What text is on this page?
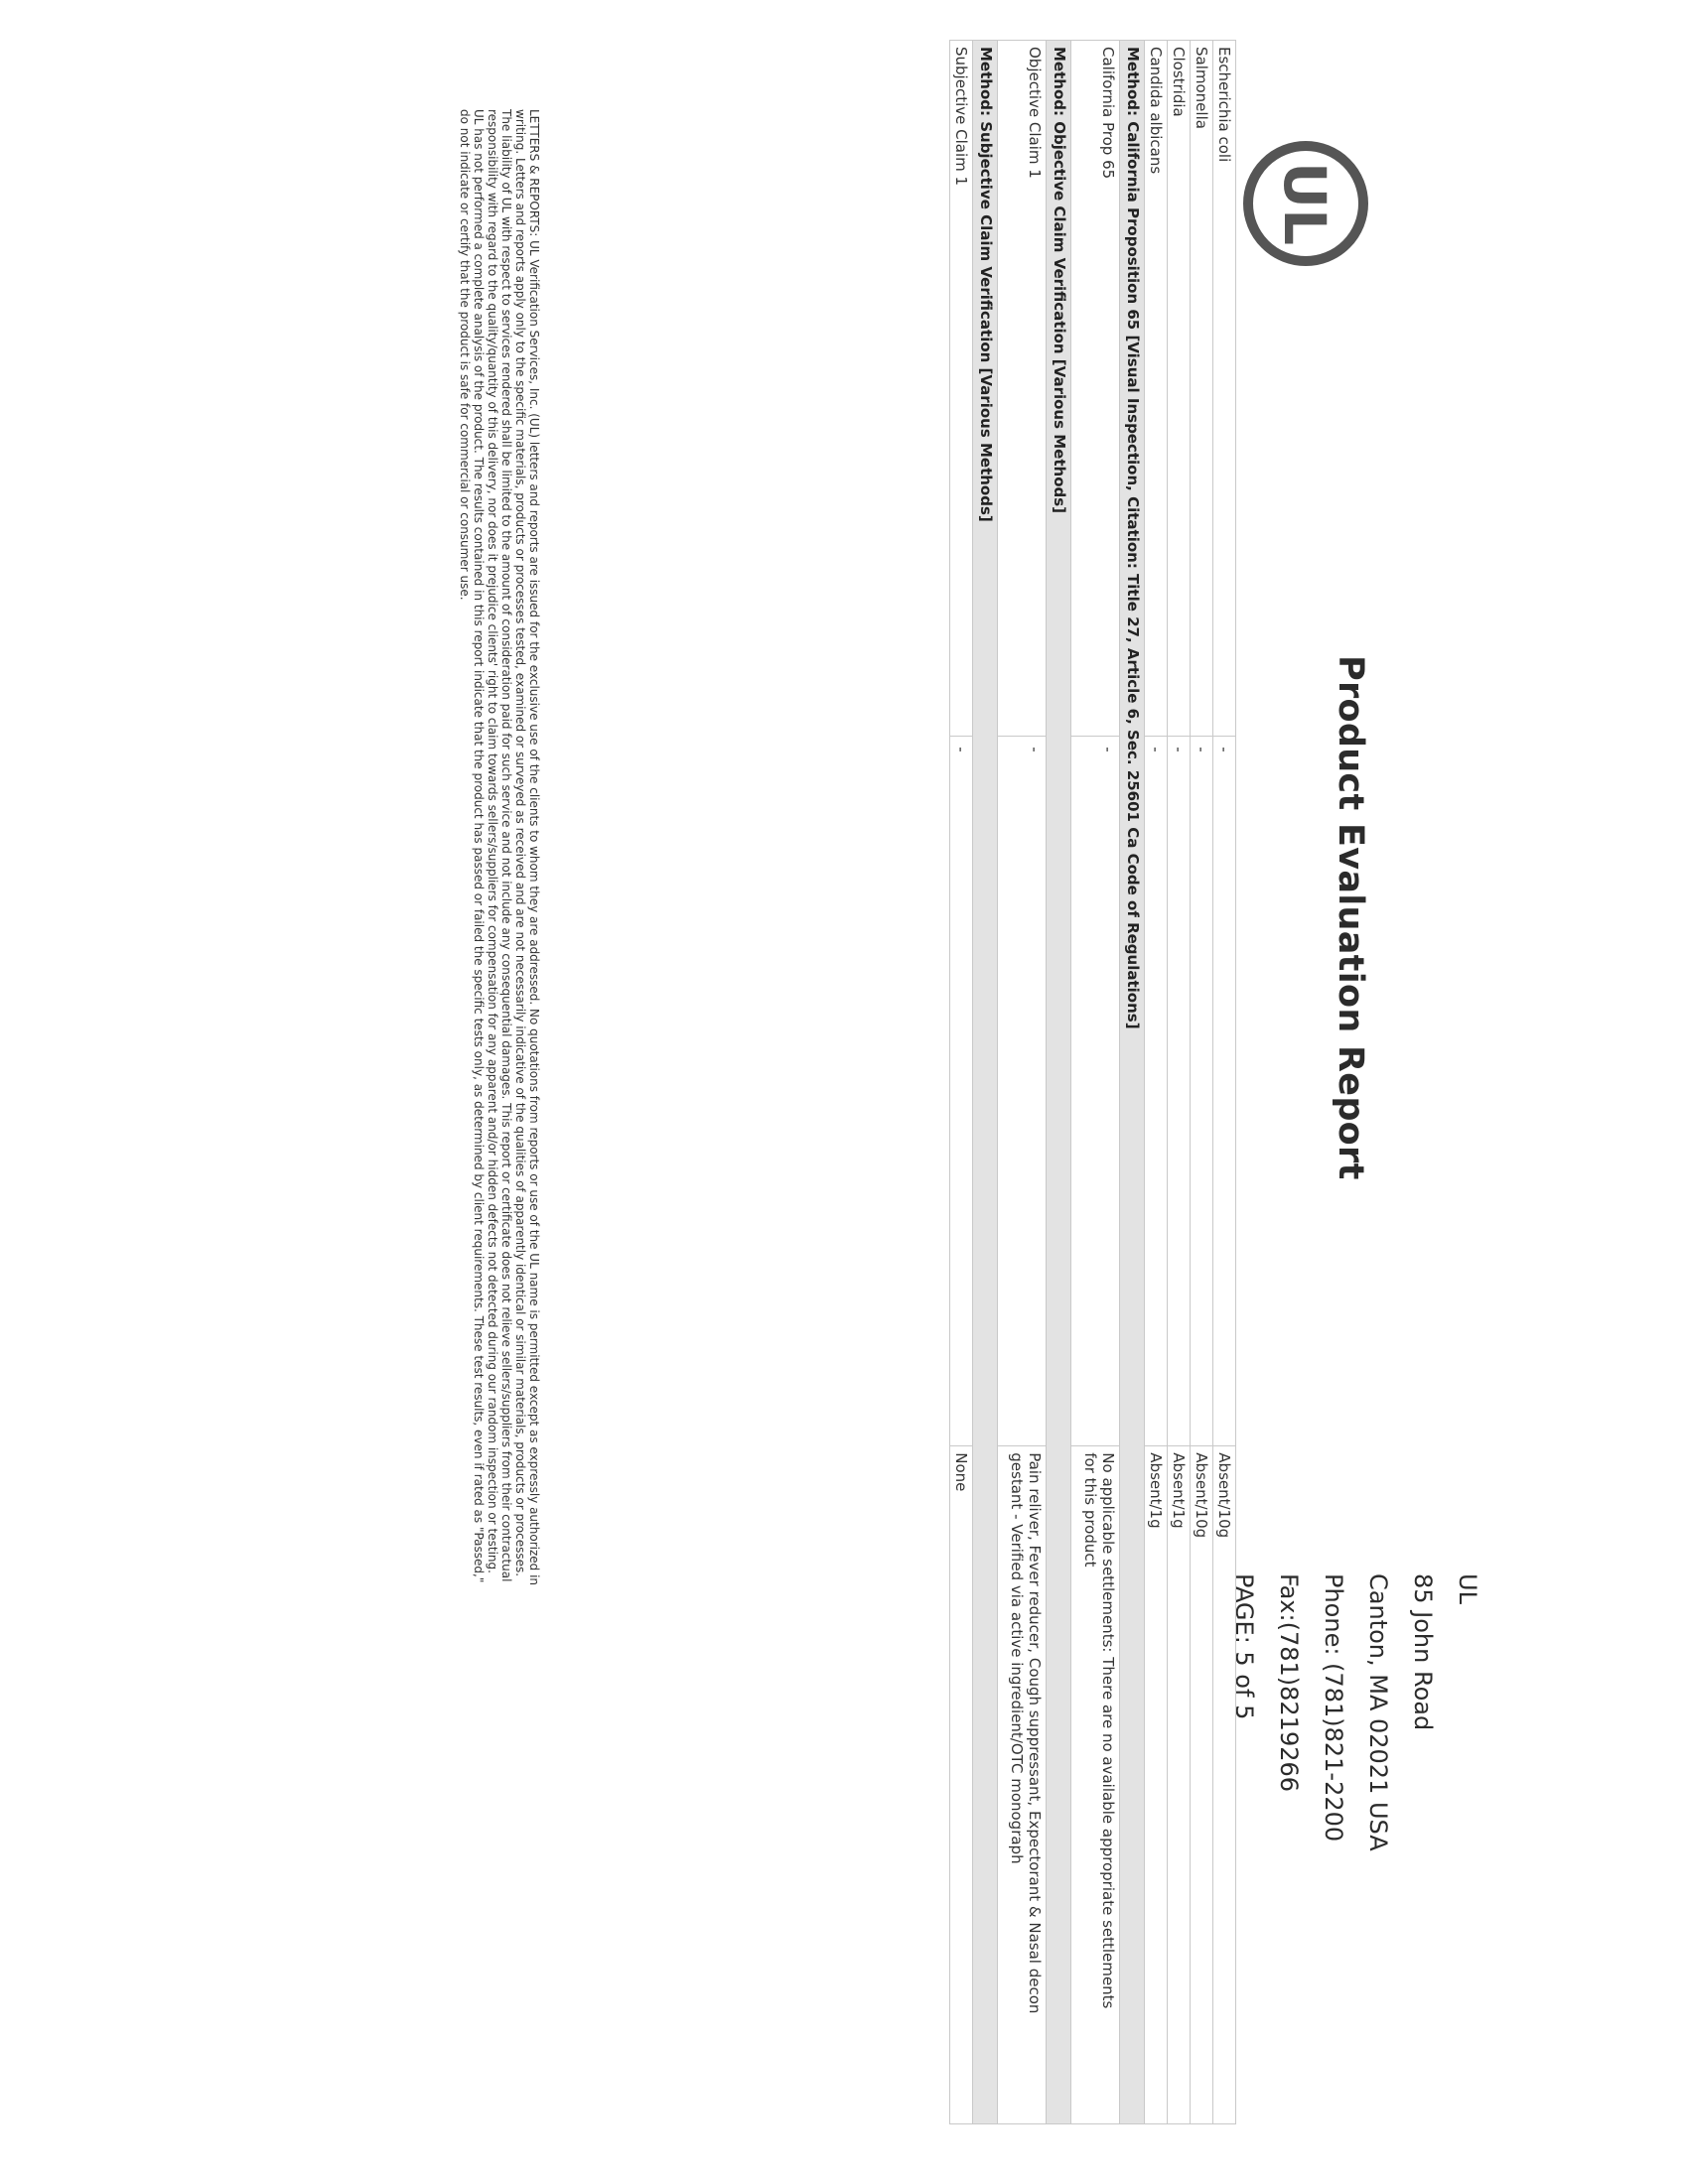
UL
Product Evaluation Report
UL
85 John Road
Canton, MA 02021 USA
Phone: (781)821-2200
Fax:(781)8219266
PAGE: 5 of 5
Escherichia coli	-	Absent/10g
Salmonella	-	Absent/10g
Clostridia	-	Absent/1g
Candida albicans	-	Absent/1g
Method: California Proposition 65 [Visual Inspection, Citation: Title 27, Article 6, Sec. 25601 Ca Code of Regulations]		
California Prop 65	-	No applicable settlements: There are no available appropriate settlements
for this product

Method: Objective Claim Verification [Various Methods]		
Objective Claim 1	-	Pain reliver, Fever reducer, Cough suppressant, Expectorant & Nasal decon
gestant - Verified via active ingredient/OTC monograph

Method: Subjective Claim Verification [Various Methods]		
Subjective Claim 1	-	None
LETTERS & REPORTS: UL Verification Services, Inc. (UL) letters and reports are issued for the exclusive use of the clients to whom they are addressed. No quotations from reports or use of the UL name is permitted except as expressly authorized in
writing. Letters and reports apply only to the specific materials, products or processes tested, examined or surveyed as received and are not necessarily indicative of the qualities of apparently identical or similar materials, products or processes.
The liability of UL with respect to services rendered shall be limited to the amount of consideration paid for such service and not include any consequential damages. This report or certificate does not relieve sellers/suppliers from their contractual
responsibility with regard to the quality/quantity of this delivery, nor does it prejudice clients' right to claim towards sellers/suppliers for compensation for any apparent and/or hidden defects not detected during our random inspection or testing.
UL has not performed a complete analysis of the product. The results contained in this report indicate that the product has passed or failed the specific tests only, as determined by client requirements. These test results, even if rated as "Passed,"
do not indicate or certify that the product is safe for commercial or consumer use.
